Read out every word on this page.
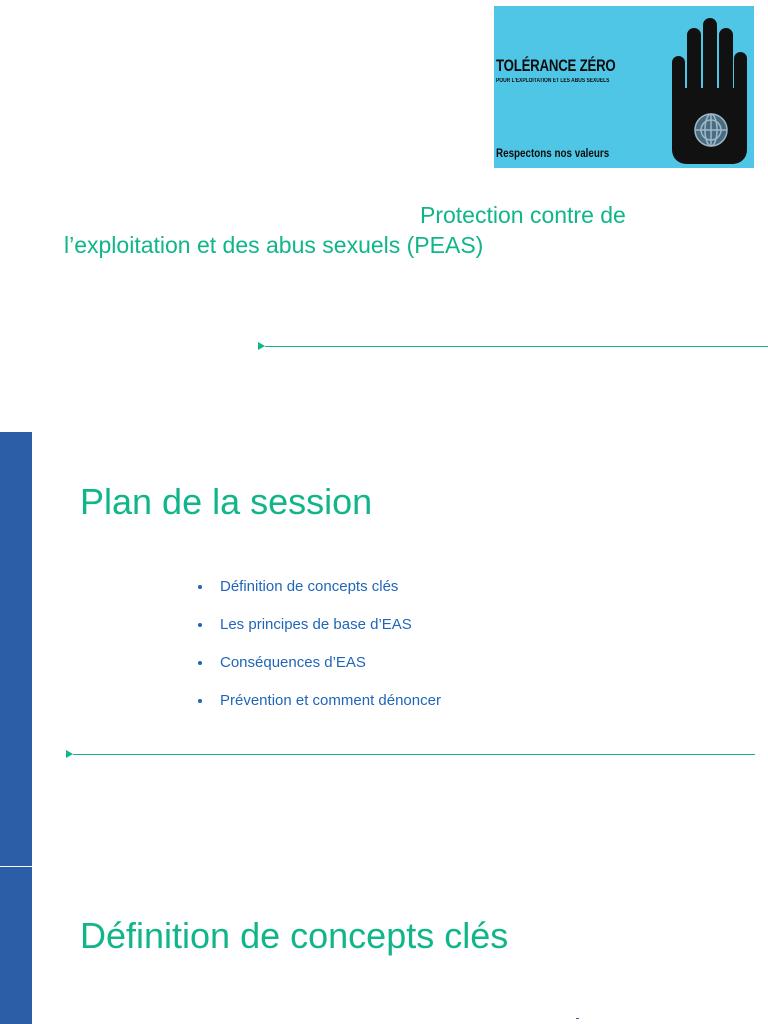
TOLÉRANCE ZÉRO
POUR L'EXPLOITATION ET LES ABUS SEXUELS
Respectons nos valeurs
Protection contre de
l’exploitation et des abus sexuels (PEAS)
Plan de la session
Définition de concepts clés
Les principes de base d’EAS
Conséquences d’EAS
Prévention et comment dénoncer
Définition de concepts clés
